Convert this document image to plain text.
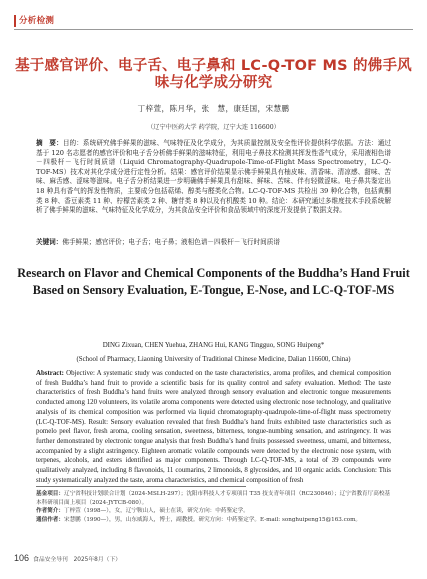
分析检测
基于感官评价、电子舌、电子鼻和 LC-Q-TOF MS 的佛手风味与化学成分研究
丁梓萱，陈月华，张　慧，康廷国，宋慧鹏
（辽宁中医药大学 药学院，辽宁大连 116600）
摘　要：目的：系统研究佛手鲜果的滋味、气味特征及化学成分，为其质量控制及安全性评价提供科学依据。方法：通过基于 120 名志愿者的感官评价和电子舌分析佛手鲜果的滋味特征，利用电子鼻技术检测其挥发性香气成分，采用液相色谱－四极杆－飞行时间质谱（Liquid Chromatography-Quadrupole-Time-of-Flight Mass Spectrometry，LC-Q-TOF-MS）技术对其化学成分进行定性分析。结果：感官评价结果显示佛手鲜果具有柚皮味、清香味、清凉感、甜味、苦味、麻舌感、涩味等滋味。电子舌分析结果进一步明确佛手鲜果具有甜味、鲜味、苦味、伴有轻微涩味。电子鼻共鉴定出 18 种具有香气的挥发性物质，主要成分包括萜烯、醇类与醛类化合物。LC-Q-TOF-MS 共检出 39 种化合物，包括黄酮类 8 种、香豆素类 11 种、柠檬苦素类 2 种、糖苷类 8 种以及有机酸类 10 种。结论：本研究通过多维度技术手段系统解析了佛手鲜果的滋味、气味特征及化学成分，为其食品安全评价和食品领域中的深度开发提供了数据支持。
关键词：佛手鲜果；感官评价；电子舌；电子鼻；液相色谱－四极杆－飞行时间质谱
Research on Flavor and Chemical Components of the Buddha’s Hand Fruit Based on Sensory Evaluation, E-Tongue, E-Nose, and LC-Q-TOF-MS
DING Zixuan, CHEN Yuehua, ZHANG Hui, KANG Tingguo, SONG Huipeng*
(School of Pharmacy, Liaoning University of Traditional Chinese Medicine, Dalian 116600, China)
Abstract: Objective: A systematic study was conducted on the taste characteristics, aroma profiles, and chemical composition of fresh Buddha’s hand fruit to provide a scientific basis for its quality control and safety evaluation. Method: The taste characteristics of fresh Buddha’s hand fruits were analyzed through sensory evaluation and electronic tongue measurements conducted among 120 volunteers, its volatile aroma components were detected using electronic nose technology, and qualitative analysis of its chemical composition was performed via liquid chromatography-quadrupole-time-of-flight mass spectrometry (LC-Q-TOF-MS). Result: Sensory evaluation revealed that fresh Buddha’s hand fruits exhibited taste characteristics such as pomelo peel flavor, fresh aroma, cooling sensation, sweetness, bitterness, tongue-numbing sensation, and astringency. It was further demonstrated by electronic tongue analysis that fresh Buddha’s hand fruits possessed sweetness, umami, and bitterness, accompanied by a slight astringency. Eighteen aromatic volatile compounds were detected by the electronic nose system, with terpenes, alcohols, and esters identified as major components. Through LC-Q-TOF-MS, a total of 39 compounds were qualitatively analyzed, including 8 flavonoids, 11 coumarins, 2 limonoids, 8 glycosides, and 10 organic acids. Conclusion: This study systematically analyzed the taste, aroma characteristics, and chemical composition of fresh
基金项目：辽宁省科技计划联合计划（2024-MSLH-297）；沈阳市科技人才专项项目 T35 技支青年项目（RC230846）；辽宁省教育厅高校基本科研项目面上项目（2024-JYTCB-080）。
作者简介：丁梓萱（1998—），女，辽宁鞍山人，硕士在读，研究方向：中药鉴定学。
通信作者：宋慧鹏（1990—），男，山东威海人，博士，副教授。研究方向：中药鉴定学。E-mail: songhuipeng15@163.com。
106 食品安全导刊　2025年8月（下）
